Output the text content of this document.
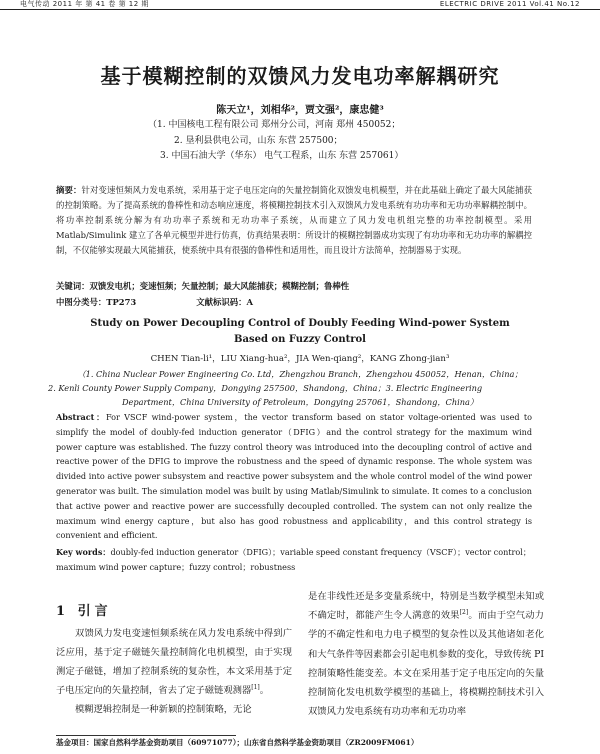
电气传动 2011 年 第 41 卷 第 12 期	ELECTRIC DRIVE 2011 Vol.41 No.12
基于模糊控制的双馈风力发电功率解耦研究
陈天立¹，刘相华²，贾文强²，康忠健³
（1. 中国核电工程有限公司 郑州分公司，河南 郑州 450052；
2. 垦利县供电公司，山东 东营 257500；
3. 中国石油大学（华东） 电气工程系，山东 东营 257061）
摘要：针对变速恒频风力发电系统，采用基于定子电压定向的矢量控制简化双馈发电机模型，并在此基础上确定了最大风能捕获的控制策略。为了提高系统的鲁棒性和动态响应速度，将模糊控制技术引入双馈风力发电系统有功功率和无功功率解耦控制中。将功率控制系统分解为有功功率子系统和无功功率子系统，从而建立了风力发电机组完整的功率控制模型。采用 Matlab/Simulink 建立了各单元模型并进行仿真，仿真结果表明：所设计的模糊控制器成功实现了有功功率和无功功率的解耦控制，不仅能够实现最大风能捕获，使系统中具有很强的鲁棒性和适用性，而且设计方法简单，控制器易于实现。
关键词：双馈发电机；变速恒频；矢量控制；最大风能捕获；模糊控制；鲁棒性
中图分类号：TP273	文献标识码：A
Study on Power Decoupling Control of Doubly Feeding Wind-power System Based on Fuzzy Control
CHEN Tian-li¹，LIU Xiang-hua²，JIA Wen-qiang²，KANG Zhong-jian³
（1. China Nuclear Power Engineering Co. Ltd，Zhengzhou Branch，Zhengzhou 450052，Henan，China；
2. Kenli County Power Supply Company，Dongying 257500，Shandong，China；3. Electric Engineering
Department，China University of Petroleum，Dongying 257061，Shandong，China）
Abstract：For VSCF wind-power system，the vector transform based on stator voltage-oriented was used to simplify the model of doubly-fed induction generator（DFIG）and the control strategy for the maximum wind power capture was established. The fuzzy control theory was introduced into the decoupling control of active and reactive power of the DFIG to improve the robustness and the speed of dynamic response. The whole system was divided into active power subsystem and reactive power subsystem and the whole control model of the wind power generator was built. The simulation model was built by using Matlab/Simulink to simulate. It comes to a conclusion that active power and reactive power are successfully decoupled controlled. The system can not only realize the maximum wind energy capture，but also has good robustness and applicability，and this control strategy is convenient and efficient.
Key words：doubly-fed induction generator（DFIG）；variable speed constant frequency（VSCF）；vector control；maximum wind power capture；fuzzy control；robustness
1 引言

双馈风力发电变速恒频系统在风力发电系统中得到广泛应用，基于定子磁链矢量控制简化电机模型，由于实现测定子磁链，增加了控制系统的复杂性，本文采用基于定子电压定向的矢量控制，省去了定子磁链观测器[1]。

模糊逻辑控制是一种新颖的控制策略，无论

是在非线性还是多变量系统中，特别是当数学模型未知或不确定时，都能产生令人满意的效果[2]。而由于空气动力学的不确定性和电力电子模型的复杂性以及其他诸如老化和大气条件等因素都会引起电机参数的变化，导致传统 PI 控制策略性能变差。本文在采用基于定子电压定向的矢量控制简化发电机数学模型的基础上，将模糊控制技术引入双馈风力发电系统有功功率和无功功率

基金项目：国家自然科学基金资助项目（60971077）；山东省自然科学基金资助项目（ZR2009FM061）
